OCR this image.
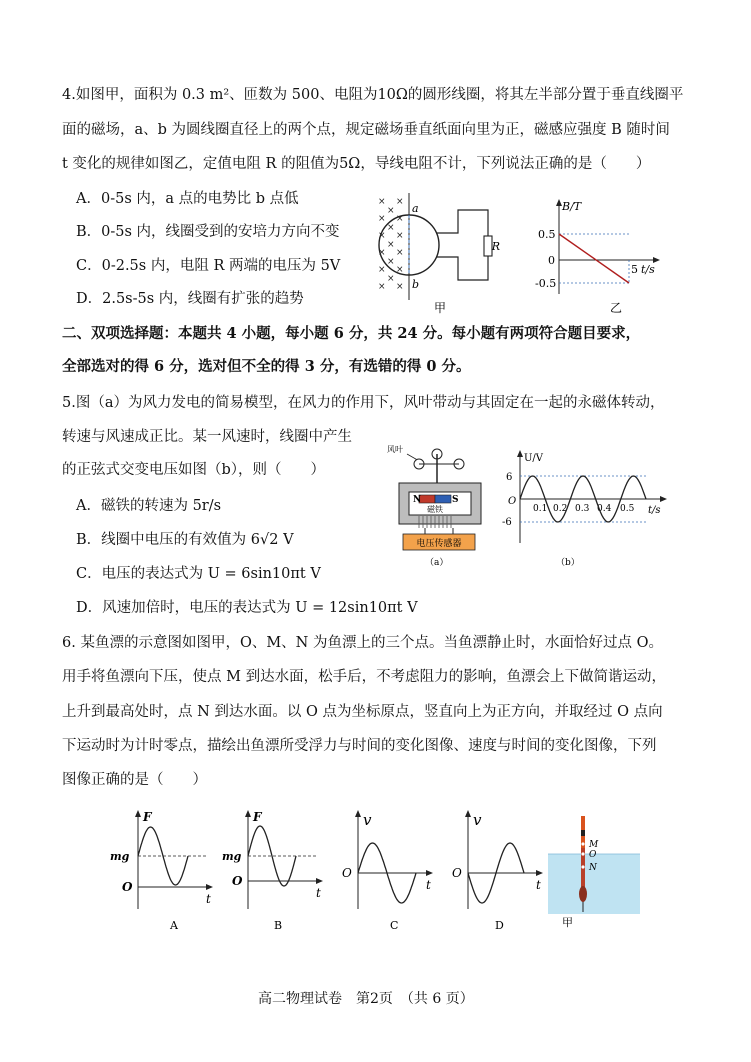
4.如图甲，面积为 0.3 m²、匝数为 500、电阻为10Ω的圆形线圈，将其左半部分置于垂直线圈平
面的磁场，a、b 为圆线圈直径上的两个点，规定磁场垂直纸面向里为正，磁感应强度 B 随时间
t 变化的规律如图乙，定值电阻 R 的阻值为5Ω，导线电阻不计，下列说法正确的是（　　）
A．0-5s 内，a 点的电势比 b 点低
B．0-5s 内，线圈受到的安培力方向不变
C．0-2.5s 内，电阻 R 两端的电压为 5V
D．2.5s-5s 内，线圈有扩张的趋势
× ×
× ×
× ×
× ×
× ×
× ×
×
×
×
×
×
a
b
R
甲
B/T
t/s
0.5
0
-0.5
5
乙
二、双项选择题：本题共 4 小题，每小题 6 分，共 24 分。每小题有两项符合题目要求，
全部选对的得 6 分，选对但不全的得 3 分，有选错的得 0 分。
5.图（a）为风力发电的简易模型，在风力的作用下，风叶带动与其固定在一起的永磁体转动，
转速与风速成正比。某一风速时，线圈中产生
的正弦式交变电压如图（b），则（　　）
A．磁铁的转速为 5r/s
B．线圈中电压的有效值为 6√2 V
C．电压的表达式为 U = 6sin10πt V
D．风速加倍时，电压的表达式为 U = 12sin10πt V
风叶
N	S
磁铁
电压传感器
（a）
U/V
t/s
6
-6
O
0.1 0.2 0.3 0.4 0.5
（b）
6. 某鱼漂的示意图如图甲，O、M、N 为鱼漂上的三个点。当鱼漂静止时，水面恰好过点 O。
用手将鱼漂向下压，使点 M 到达水面，松手后，不考虑阻力的影响，鱼漂会上下做简谐运动，
上升到最高处时，点 N 到达水面。以 O 点为坐标原点，竖直向上为正方向，并取经过 O 点向
下运动时为计时零点，描绘出鱼漂所受浮力与时间的变化图像、速度与时间的变化图像，下列
图像正确的是（　　）
F
t
O
mg
A
F
t
O
mg
B
v
t
O
C
v
t
O
D
M
O
N
甲
高二物理试卷　第2页　（共 6 页）
